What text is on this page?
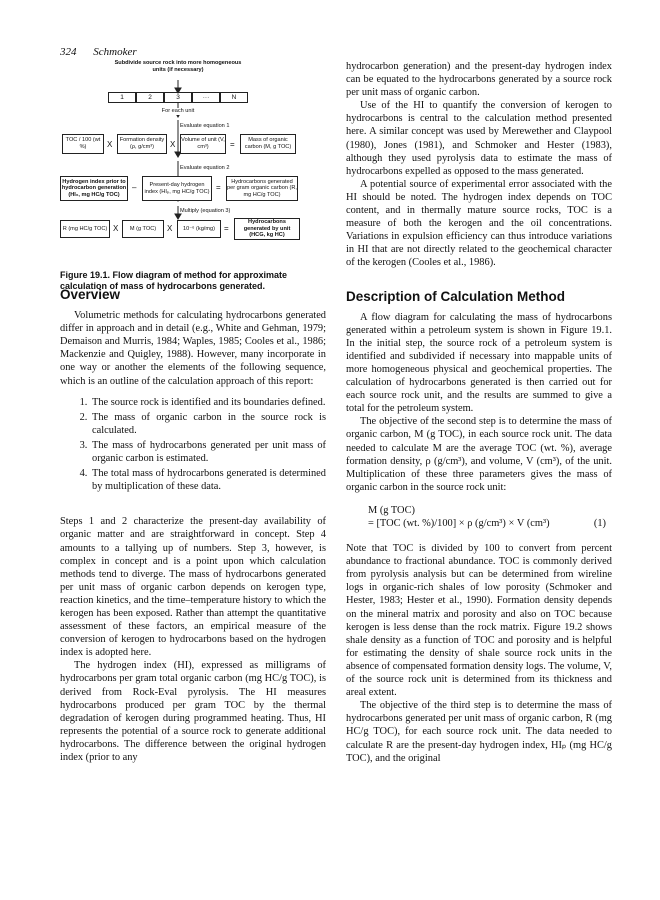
324 Schmoker
Subdivide source rock into more homogeneous units (if necessary)
1	2	3	···	N
For each unit
Evaluate equation 1
TOC / 100 (wt %)	X	Formation density (ρ, g/cm³)	X Volume of unit (V, cm³)	=	Mass of organic carbon (M, g TOC)
Evaluate equation 2
Hydrogen index prior to hydrocarbon generation (HI₀, mg HC/g TOC)
–	Present-day hydrogen index (HIₚ, mg HC/g TOC) =
Hydrocarbons generated per gram organic carbon (R, mg HC/g TOC)
Multiply (equation 3)
R (mg HC/g TOC) X	M (g TOC)	X	10⁻⁶ (kg/mg)	=
Hydrocarbons generated by unit (HCG, kg HC)
Figure 19.1. Flow diagram of method for approximate calculation of mass of hydrocarbons generated.
Overview

Volumetric methods for calculating hydrocarbons generated differ in approach and in detail (e.g., White and Gehman, 1979; Demaison and Murris, 1984; Waples, 1985; Cooles et al., 1986; Mackenzie and Quigley, 1988). However, many incorporate in one way or another the elements of the following sequence, which is an outline of the calculation approach of this report:

1. The source rock is identified and its boundaries defined.
2. The mass of organic carbon in the source rock is calculated.
3. The mass of hydrocarbons generated per unit mass of organic carbon is estimated.
4. The total mass of hydrocarbons generated is determined by multiplication of these data.

Steps 1 and 2 characterize the present-day availability of organic matter and are straightforward in concept. Step 4 amounts to a tallying up of numbers. Step 3, however, is complex in concept and is a point upon which calculation methods tend to diverge. The mass of hydrocarbons generated per unit mass of organic carbon depends on kerogen type, reaction kinetics, and the time–temperature history to which the kerogen has been exposed. Rather than attempt the quantitative assessment of these factors, an empirical measure of the conversion of kerogen to hydrocarbons based on the hydrogen index is adopted here.

The hydrogen index (HI), expressed as milligrams of hydrocarbons per gram total organic carbon (mg HC/g TOC), is derived from Rock-Eval pyrolysis. The HI measures hydrocarbons produced per gram TOC by the thermal degradation of kerogen during programmed heating. Thus, HI represents the potential of a source rock to generate additional hydrocarbons. The difference between the original hydrogen index (prior to any

hydrocarbon generation) and the present-day hydrogen index can be equated to the hydrocarbons generated by a source rock per unit mass of organic carbon.

Use of the HI to quantify the conversion of kerogen to hydrocarbons is central to the calculation method presented here. A similar concept was used by Merewether and Claypool (1980), Jones (1981), and Schmoker and Hester (1983), although they used pyrolysis data to estimate the mass of hydrocarbons expelled as opposed to the mass generated.

A potential source of experimental error associated with the HI should be noted. The hydrogen index depends on TOC content, and in thermally mature source rocks, TOC is a measure of both the kerogen and the oil concentrations. Variations in expulsion efficiency can thus introduce variations in HI that are not directly related to the geochemical character of the kerogen (Cooles et al., 1986).

Description of Calculation Method

A flow diagram for calculating the mass of hydrocarbons generated within a petroleum system is shown in Figure 19.1. In the initial step, the source rock of a petroleum system is identified and subdivided if necessary into mappable units of more homogeneous physical and geochemical properties. The calculation of hydrocarbons generated is then carried out for each source rock unit, and the results are summed to give a total for the petroleum system.

The objective of the second step is to determine the mass of organic carbon, M (g TOC), in each source rock unit. The data needed to calculate M are the average TOC (wt. %), average formation density, ρ (g/cm³), and volume, V (cm³), of the unit. Multiplication of these three parameters gives the mass of organic carbon in the source rock unit:

M (g TOC)
= [TOC (wt. %)/100] × ρ (g/cm³) × V (cm³)	(1)

Note that TOC is divided by 100 to convert from percent abundance to fractional abundance. TOC is commonly derived from pyrolysis analysis but can be determined from wireline logs in organic-rich shales of low porosity (Schmoker and Hester, 1983; Hester et al., 1990). Formation density depends on the mineral matrix and porosity and also on TOC because kerogen is less dense than the rock matrix. Figure 19.2 shows shale density as a function of TOC and porosity and is helpful for estimating the density of shale source rock units in the absence of compensated formation density logs. The volume, V, of the source rock unit is determined from its thickness and areal extent.

The objective of the third step is to determine the mass of hydrocarbons generated per unit mass of organic carbon, R (mg HC/g TOC), for each source rock unit. The data needed to calculate R are the present-day hydrogen index, HIₚ (mg HC/g TOC), and the original
